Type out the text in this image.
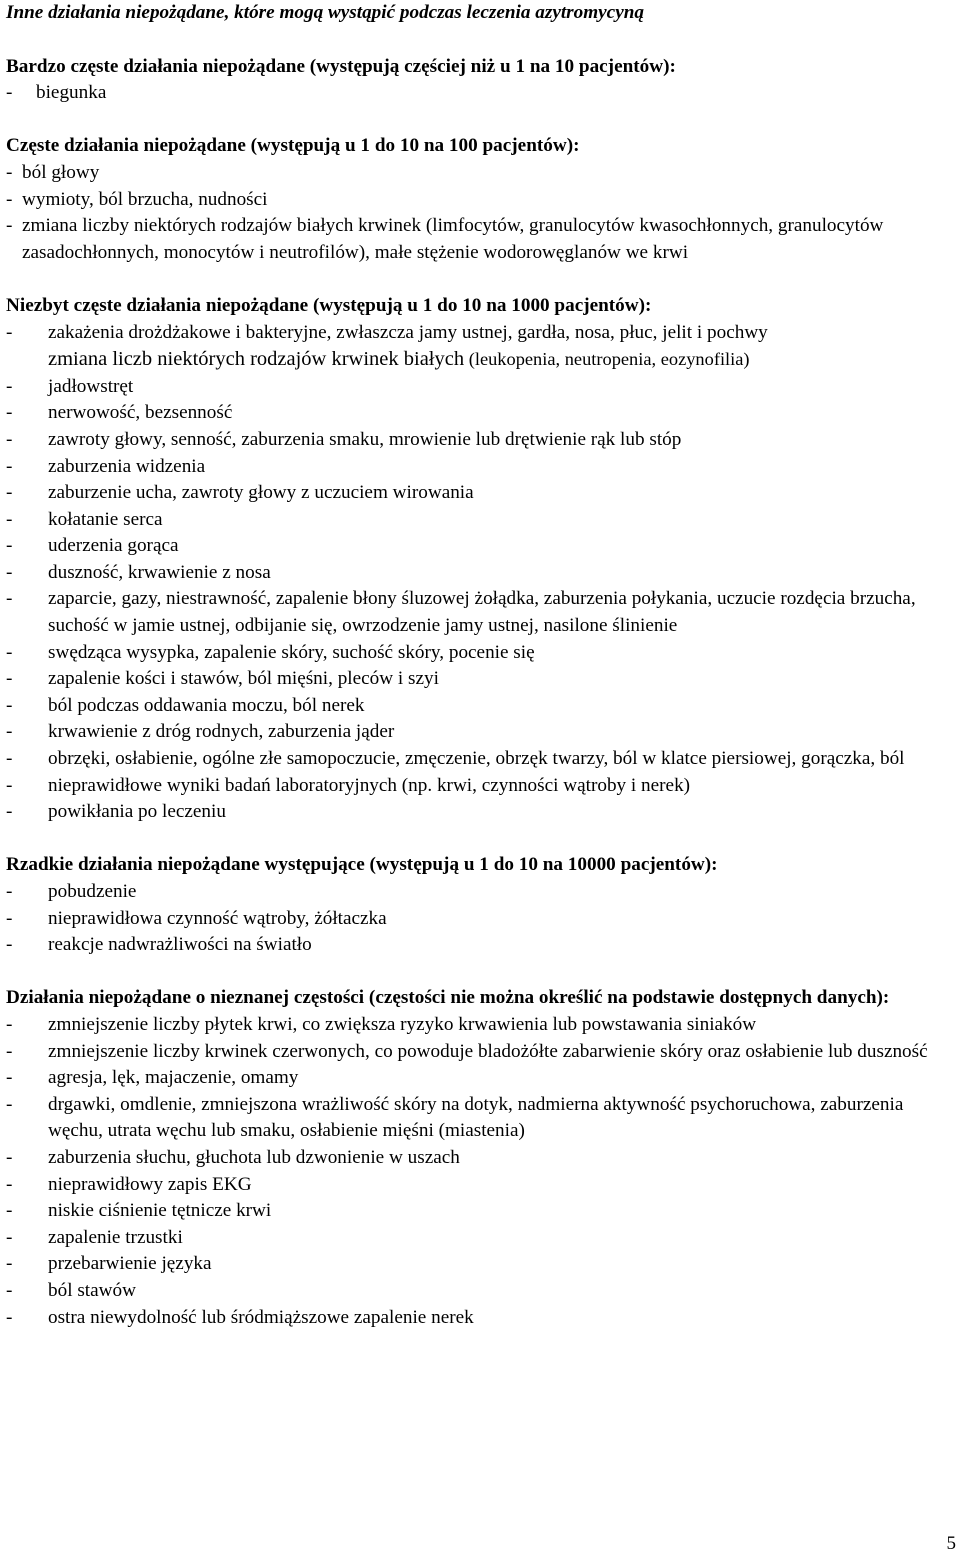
Inne działania niepożądane, które mogą wystąpić podczas leczenia azytromycyną
Bardzo częste działania niepożądane (występują częściej niż u 1 na 10 pacjentów):
-	biegunka
Częste działania niepożądane (występują u 1 do 10 na 100 pacjentów):
- ból głowy
- wymioty, ból brzucha, nudności
- zmiana liczby niektórych rodzajów białych krwinek (limfocytów, granulocytów kwasochłonnych, granulocytów zasadochłonnych, monocytów i neutrofilów), małe stężenie wodorowęglanów we krwi
Niezbyt częste działania niepożądane (występują u 1 do 10 na 1000 pacjentów):
-	zakażenia drożdżakowe i bakteryjne, zwłaszcza jamy ustnej, gardła, nosa, płuc, jelit i pochwy
zmiana liczb niektórych rodzajów krwinek białych (leukopenia, neutropenia, eozynofilia)
-	jadłowstręt
-	nerwowość, bezsenność
-	zawroty głowy, senność, zaburzenia smaku, mrowienie lub drętwienie rąk lub stóp
-	zaburzenia widzenia
-	zaburzenie ucha, zawroty głowy z uczuciem wirowania
-	kołatanie serca
-	uderzenia gorąca
-	duszność, krwawienie z nosa
-	zaparcie, gazy, niestrawność, zapalenie błony śluzowej żołądka, zaburzenia połykania, uczucie rozdęcia brzucha, suchość w jamie ustnej, odbijanie się, owrzodzenie jamy ustnej, nasilone ślinienie
-	swędząca wysypka, zapalenie skóry, suchość skóry, pocenie się
-	zapalenie kości i stawów, ból mięśni, pleców i szyi
-	ból podczas oddawania moczu, ból nerek
-	krwawienie z dróg rodnych, zaburzenia jąder
-	obrzęki, osłabienie, ogólne złe samopoczucie, zmęczenie, obrzęk twarzy, ból w klatce piersiowej, gorączka, ból
-	nieprawidłowe wyniki badań laboratoryjnych (np. krwi, czynności wątroby i nerek)
-	powikłania po leczeniu
Rzadkie działania niepożądane występujące (występują u 1 do 10 na 10000 pacjentów):
-	pobudzenie
-	nieprawidłowa czynność wątroby, żółtaczka
-	reakcje nadwrażliwości na światło
Działania niepożądane o nieznanej częstości (częstości nie można określić na podstawie dostępnych danych):
-	zmniejszenie liczby płytek krwi, co zwiększa ryzyko krwawienia lub powstawania siniaków
-	zmniejszenie liczby krwinek czerwonych, co powoduje bladożółte zabarwienie skóry oraz osłabienie lub duszność
-	agresja, lęk, majaczenie, omamy
-	drgawki, omdlenie, zmniejszona wrażliwość skóry na dotyk, nadmierna aktywność psychoruchowa, zaburzenia węchu, utrata węchu lub smaku, osłabienie mięśni (miastenia)
-	zaburzenia słuchu, głuchota lub dzwonienie w uszach
-	nieprawidłowy zapis EKG
-	niskie ciśnienie tętnicze krwi
-	zapalenie trzustki
-	przebarwienie języka
-	ból stawów
-	ostra niewydolność lub śródmiąższowe zapalenie nerek
5
